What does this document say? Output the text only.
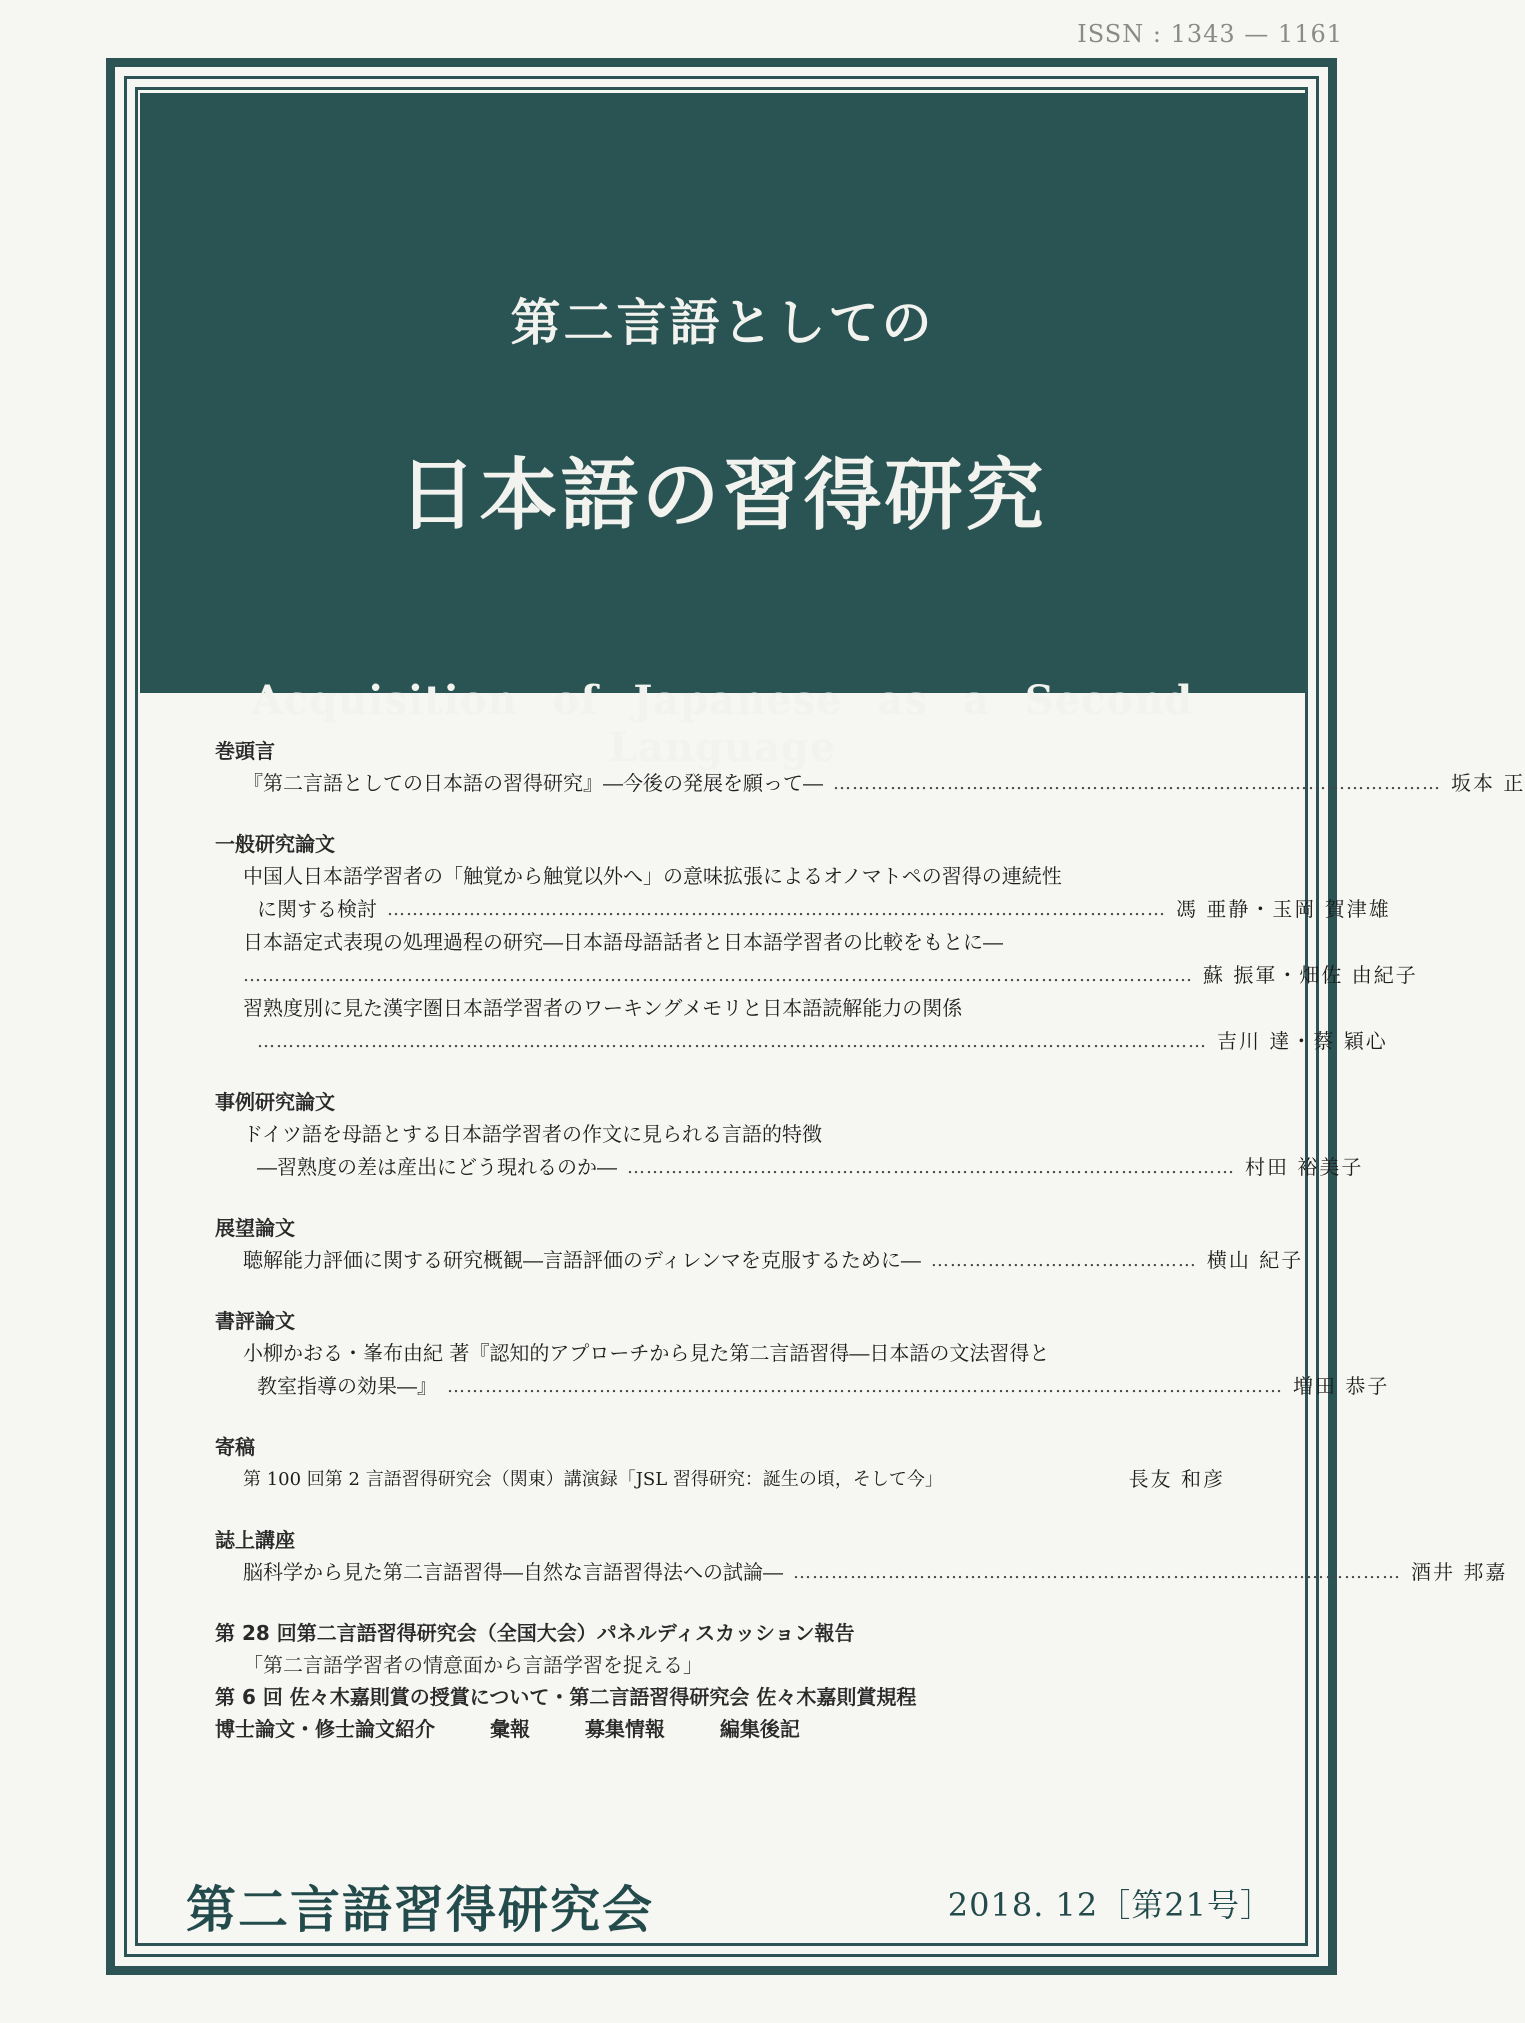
ISSN : 1343 — 1161
第二言語としての
日本語の習得研究
Acquisition of Japanese as a Second Language
巻頭言
『第二言語としての日本語の習得研究』―今後の発展を願って― …………………………………………………………………………………… 坂本 正
一般研究論文
中国人日本語学習者の「触覚から触覚以外へ」の意味拡張によるオノマトペの習得の連続性
に関する検討 …………………………………………………………………………………………………………… 馮 亜静・玉岡 賀津雄
日本語定式表現の処理過程の研究―日本語母語話者と日本語学習者の比較をもとに―
…………………………………………………………………………………………………………………………………… 蘇 振軍・畑佐 由紀子
習熟度別に見た漢字圏日本語学習者のワーキングメモリと日本語読解能力の関係
…………………………………………………………………………………………………………………………………… 吉川 達・蔡 穎心
事例研究論文
ドイツ語を母語とする日本語学習者の作文に見られる言語的特徴
―習熟度の差は産出にどう現れるのか― …………………………………………………………………………………… 村田 裕美子
展望論文
聴解能力評価に関する研究概観―言語評価のディレンマを克服するために― …………………………………… 横山 紀子
書評論文
小柳かおる・峯布由紀 著『認知的アプローチから見た第二言語習得―日本語の文法習得と
教室指導の効果―』 …………………………………………………………………………………………………………………… 増田 恭子
寄稿
第 100 回第 2 言語習得研究会（関東）講演録「JSL 習得研究：誕生の頃，そして今」	長友 和彦
誌上講座
脳科学から見た第二言語習得―自然な言語習得法への試論― …………………………………………………………………………………… 酒井 邦嘉
第 28 回第二言語習得研究会（全国大会）パネルディスカッション報告
「第二言語学習者の情意面から言語学習を捉える」
第 6 回 佐々木嘉則賞の授賞について・第二言語習得研究会 佐々木嘉則賞規程
博士論文・修士論文紹介	彙報	募集情報	編集後記
第二言語習得研究会	2018. 12［第21号］
